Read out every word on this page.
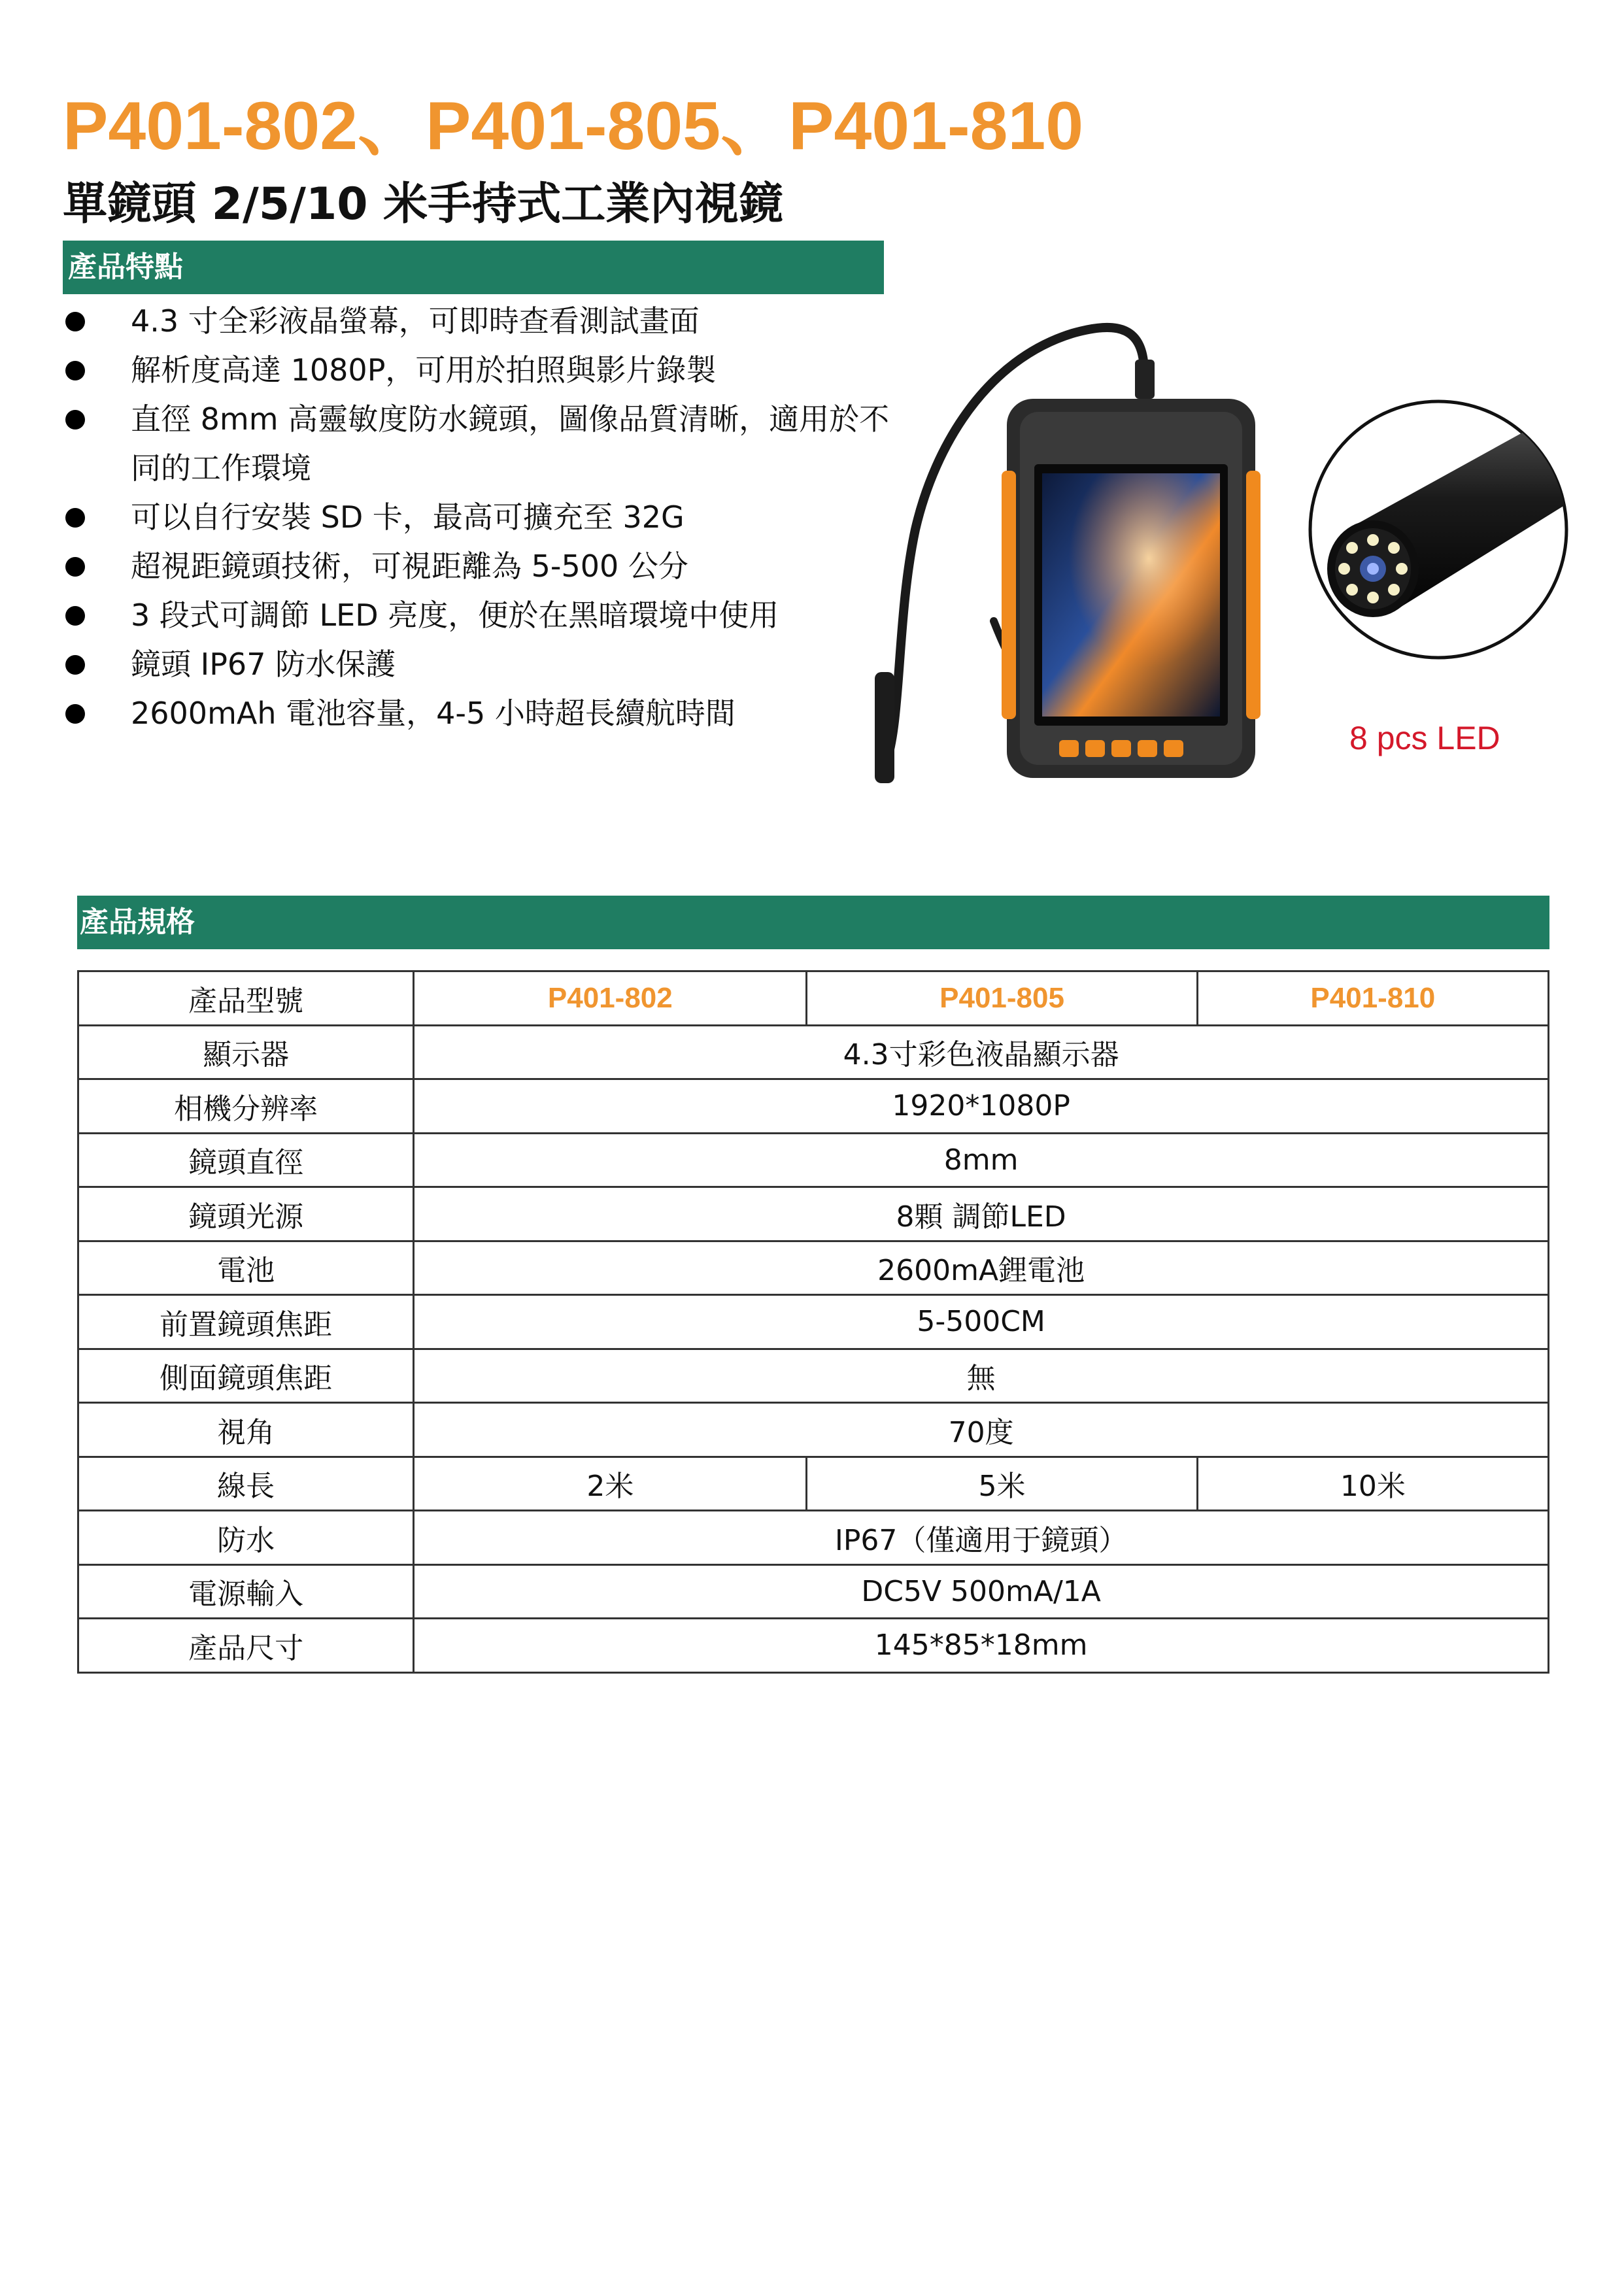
P401-802、P401-805、P401-810
單鏡頭 2/5/10 米手持式工業內視鏡
產品特點
4.3 寸全彩液晶螢幕，可即時查看測試畫面
解析度高達 1080P，可用於拍照與影片錄製
直徑 8mm 高靈敏度防水鏡頭，圖像品質清晰，適用於不同的工作環境
可以自行安裝 SD 卡，最高可擴充至 32G
超視距鏡頭技術，可視距離為 5-500 公分
3 段式可調節 LED 亮度，便於在黑暗環境中使用
鏡頭 IP67 防水保護
2600mAh 電池容量，4-5 小時超長續航時間
8 pcs LED
產品規格
產品型號	P401-802	P401-805	P401-810
顯示器	4.3寸彩色液晶顯示器		
相機分辨率	1920*1080P		
鏡頭直徑	8mm		
鏡頭光源	8顆 調節LED		
電池	2600mA鋰電池		
前置鏡頭焦距	5-500CM		
側面鏡頭焦距	無		
視角	70度		
線長	2米	5米	10米
防水	IP67（僅適用于鏡頭）		
電源輸入	DC5V 500mA/1A		
產品尺寸	145*85*18mm		
